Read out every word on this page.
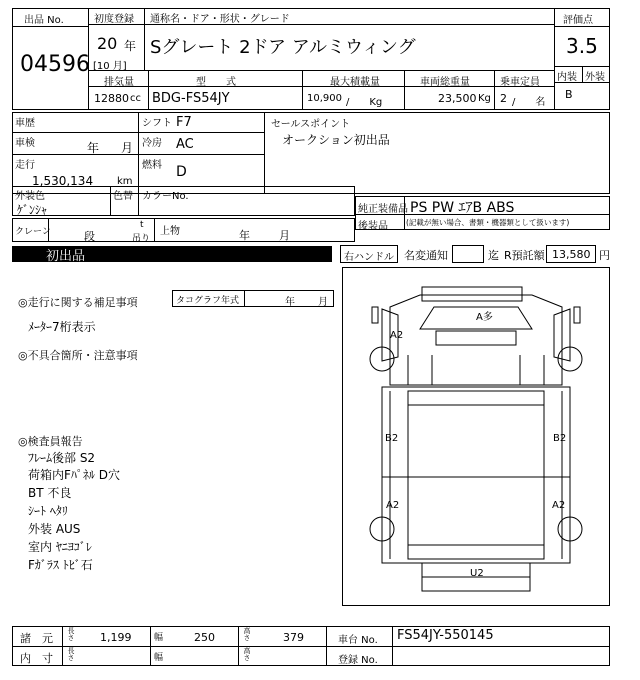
出品 No.
04596
初度登録
20 年
[10 月]
通称名・ドア・形状・グレード
Sグレート 2ドア アルミウィング
評価点
3.5
内装 外装
B
排気量
12880 cc
型　　式
BDG-FS54JY
最大積載量
10,900 /　　Kg
車両総重量
23,500 Kg
乗車定員
2 /　　名
車歴	シフト F7
車検	年 月 冷房 AC
走行
1,530,134 km
燃料 D
セールスポイント
オークション初出品
外装色
ｹﾞﾝｼｬ
色替 カラーNo.
純正装備品 PS PW ｴｱB ABS
後装品 (記載が無い場合、書類・機器類として扱います)
クレーン	段
t
吊り
上物	年	月
初出品	右ハンドル 名変通知	迄 R預託額 13,580 円
◎走行に関する補足事項	タコグラフ年式	年 月
ﾒｰﾀｰ7桁表示
◎不具合箇所・注意事項
◎検査員報告
ﾌﾚｰﾑ後部 S2
荷箱内Fﾊﾟﾈﾙ D穴
BT 不良
ｼｰﾄ ﾍﾀﾘ
外装 AUS
室内 ﾔﾆﾖｺﾞﾚ
Fｶﾞﾗｽ ﾄﾋﾞ石
A多
A2
B2	B2
A2	A2
U2
諸　元 長さ 1,199	幅	250	高さ	379	車台 No. FS54JY-550145
内　寸 長さ	幅	高さ	登録 No.
